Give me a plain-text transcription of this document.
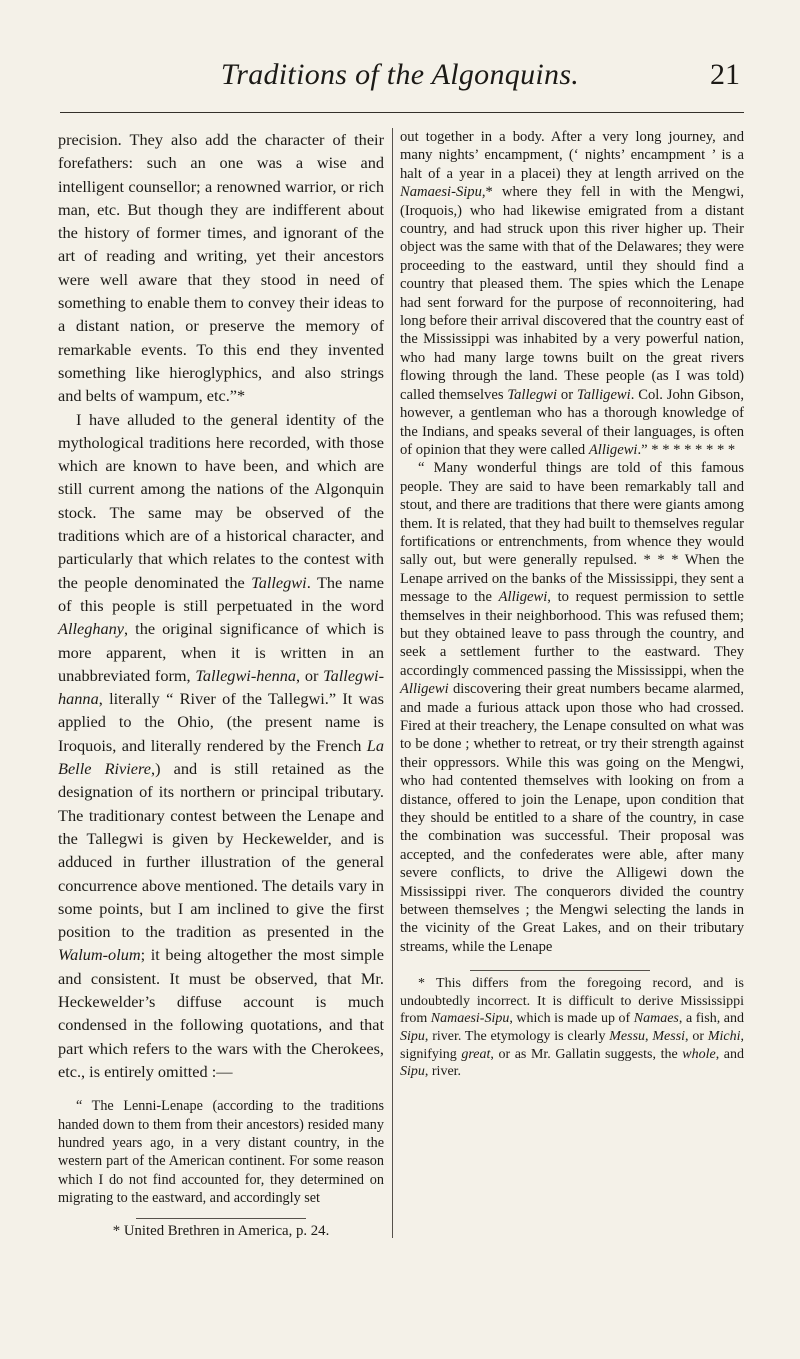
Traditions of the Algonquins.	21

precision. They also add the character of their forefathers: such an one was a wise and intelligent counsellor; a renowned warrior, or rich man, etc. But though they are indifferent about the history of former times, and ignorant of the art of reading and writing, yet their ancestors were well aware that they stood in need of something to enable them to convey their ideas to a distant nation, or preserve the memory of remarkable events. To this end they invented something like hieroglyphics, and also strings and belts of wampum, etc.”*

I have alluded to the general identity of the mythological traditions here recorded, with those which are known to have been, and which are still current among the nations of the Algonquin stock. The same may be observed of the traditions which are of a historical character, and particularly that which relates to the contest with the people denominated the Tallegwi. The name of this people is still perpetuated in the word Alleghany, the original significance of which is more apparent, when it is written in an unabbreviated form, Tallegwi-henna, or Tallegwi-hanna, literally “ River of the Tallegwi.” It was applied to the Ohio, (the present name is Iroquois, and literally rendered by the French La Belle Riviere,) and is still retained as the designation of its northern or principal tributary. The traditionary contest between the Lenape and the Tallegwi is given by Heckewelder, and is adduced in further illustration of the general concurrence above mentioned. The details vary in some points, but I am inclined to give the first position to the tradition as presented in the Walum-olum; it being altogether the most simple and consistent. It must be observed, that Mr. Heckewelder’s diffuse account is much condensed in the following quotations, and that part which refers to the wars with the Cherokees, etc., is entirely omitted :—

“ The Lenni-Lenape (according to the traditions handed down to them from their ancestors) resided many hundred years ago, in a very distant country, in the western part of the American continent. For some reason which I do not find accounted for, they determined on migrating to the eastward, and accordingly set

* United Brethren in America, p. 24.

out together in a body. After a very long journey, and many nights’ encampment, (‘ nights’ encampment ’ is a halt of a year in a placei) they at length arrived on the Namaesi-Sipu,* where they fell in with the Mengwi, (Iroquois,) who had likewise emigrated from a distant country, and had struck upon this river higher up. Their object was the same with that of the Delawares; they were proceeding to the eastward, until they should find a country that pleased them. The spies which the Lenape had sent forward for the purpose of reconnoitering, had long before their arrival discovered that the country east of the Mississippi was inhabited by a very powerful nation, who had many large towns built on the great rivers flowing through the land. These people (as I was told) called themselves Tallegwi or Talligewi. Col. John Gibson, however, a gentleman who has a thorough knowledge of the Indians, and speaks several of their languages, is often of opinion that they were called Alligewi.” * * * * * * * *

“ Many wonderful things are told of this famous people. They are said to have been remarkably tall and stout, and there are traditions that there were giants among them. It is related, that they had built to themselves regular fortifications or entrenchments, from whence they would sally out, but were generally repulsed. * * * When the Lenape arrived on the banks of the Mississippi, they sent a message to the Alligewi, to request permission to settle themselves in their neighborhood. This was refused them; but they obtained leave to pass through the country, and seek a settlement further to the eastward. They accordingly commenced passing the Mississippi, when the Alligewi discovering their great numbers became alarmed, and made a furious attack upon those who had crossed. Fired at their treachery, the Lenape consulted on what was to be done ; whether to retreat, or try their strength against their oppressors. While this was going on the Mengwi, who had contented themselves with looking on from a distance, offered to join the Lenape, upon condition that they should be entitled to a share of the country, in case the combination was successful. Their proposal was accepted, and the confederates were able, after many severe conflicts, to drive the Alligewi down the Mississippi river. The conquerors divided the country between themselves ; the Mengwi selecting the lands in the vicinity of the Great Lakes, and on their tributary streams, while the Lenape

* This differs from the foregoing record, and is undoubtedly incorrect. It is difficult to derive Mississippi from Namaesi-Sipu, which is made up of Namaes, a fish, and Sipu, river. The etymology is clearly Messu, Messi, or Michi, signifying great, or as Mr. Gallatin suggests, the whole, and Sipu, river.
